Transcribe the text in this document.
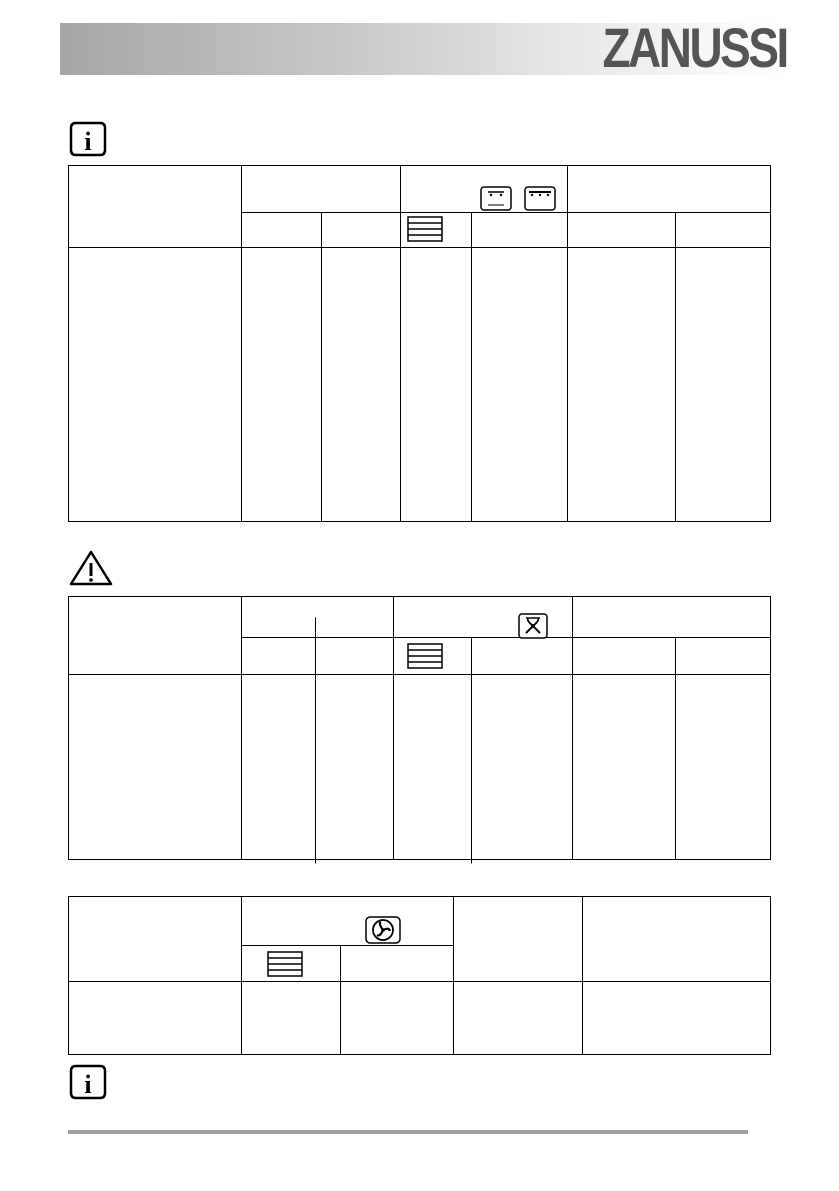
ZANUSSI
i
i
